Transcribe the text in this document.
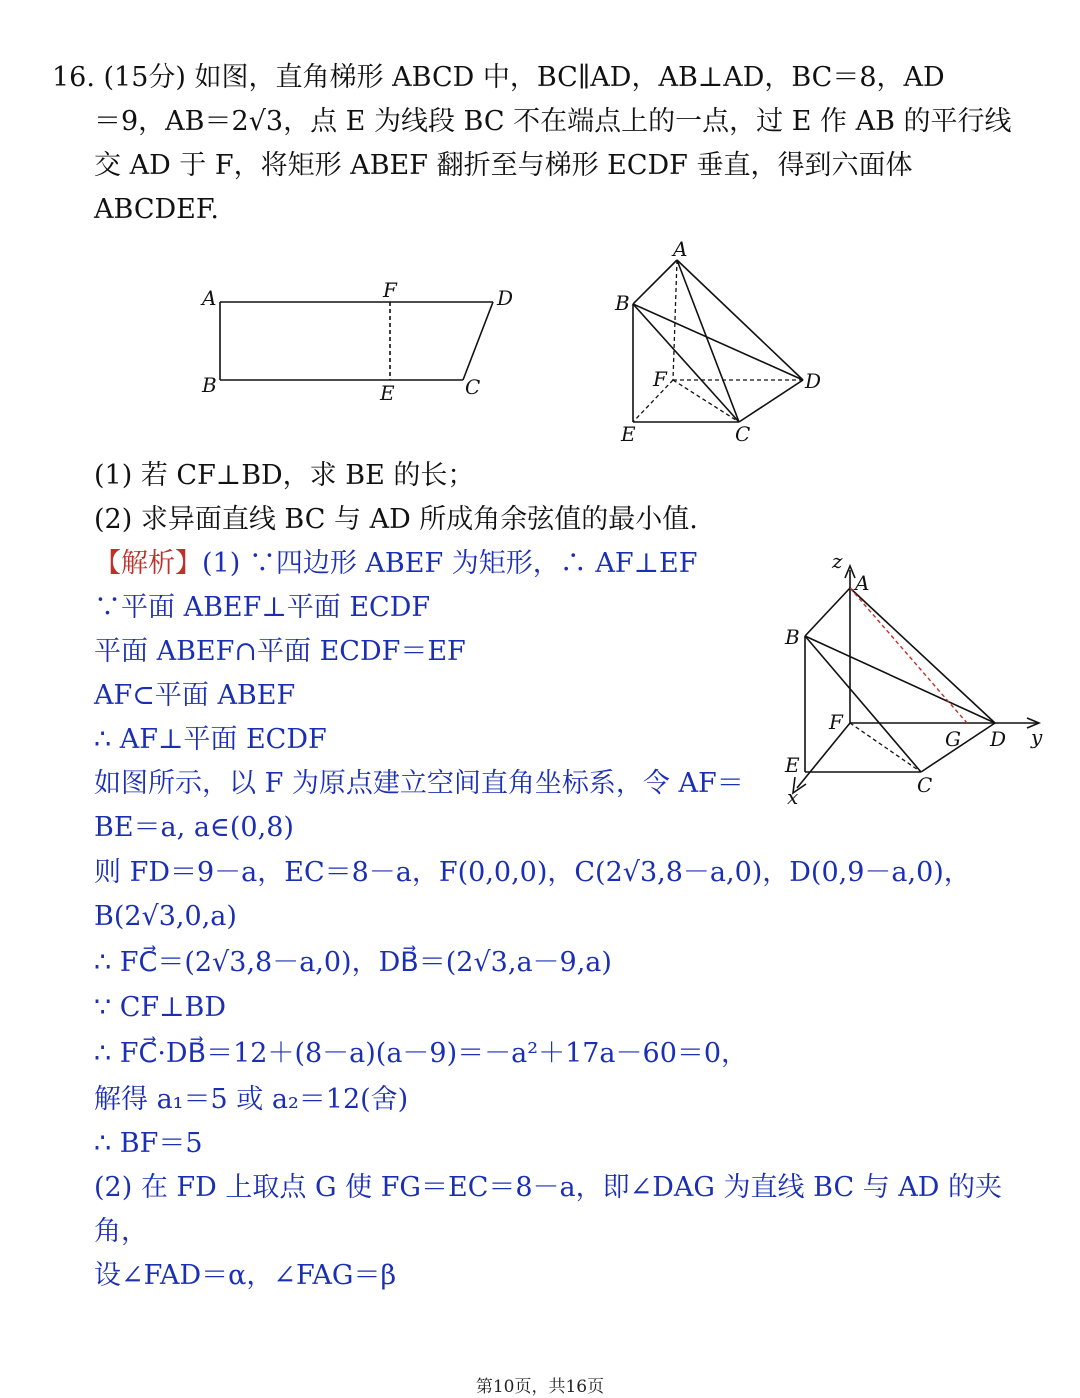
16. (15分) 如图，直角梯形 ABCD 中，BC∥AD，AB⊥AD，BC＝8，AD
＝9，AB＝2√3，点 E 为线段 BC 不在端点上的一点，过 E 作 AB 的平行线
交 AD 于 F，将矩形 ABEF 翻折至与梯形 ECDF 垂直，得到六面体
ABCDEF.
A	F	D
B	E	C
A
B
F	D
E	C
(1) 若 CF⊥BD，求 BE 的长；
(2) 求异面直线 BC 与 AD 所成角余弦值的最小值.
【解析】(1) ∵四边形 ABEF 为矩形，∴ AF⊥EF
∵平面 ABEF⊥平面 ECDF
平面 ABEF∩平面 ECDF＝EF
AF⊂平面 ABEF
∴ AF⊥平面 ECDF
如图所示，以 F 为原点建立空间直角坐标系，令 AF＝
BE＝a, a∈(0,8)
则 FD＝9－a，EC＝8－a，F(0,0,0)，C(2√3,8－a,0)，D(0,9－a,0)，
B(2√3,0,a)
∴ FC⃗＝(2√3,8－a,0)，DB⃗＝(2√3,a－9,a)
∵ CF⊥BD
∴ FC⃗·DB⃗＝12＋(8－a)(a－9)＝－a²＋17a－60＝0，
解得 a₁＝5 或 a₂＝12(舍)
∴ BF＝5
(2) 在 FD 上取点 G 使 FG＝EC＝8－a，即∠DAG 为直线 BC 与 AD 的夹
角，
设∠FAD＝α，∠FAG＝β
z
A
B
F
G D y
E
C
x
第10页，共16页
